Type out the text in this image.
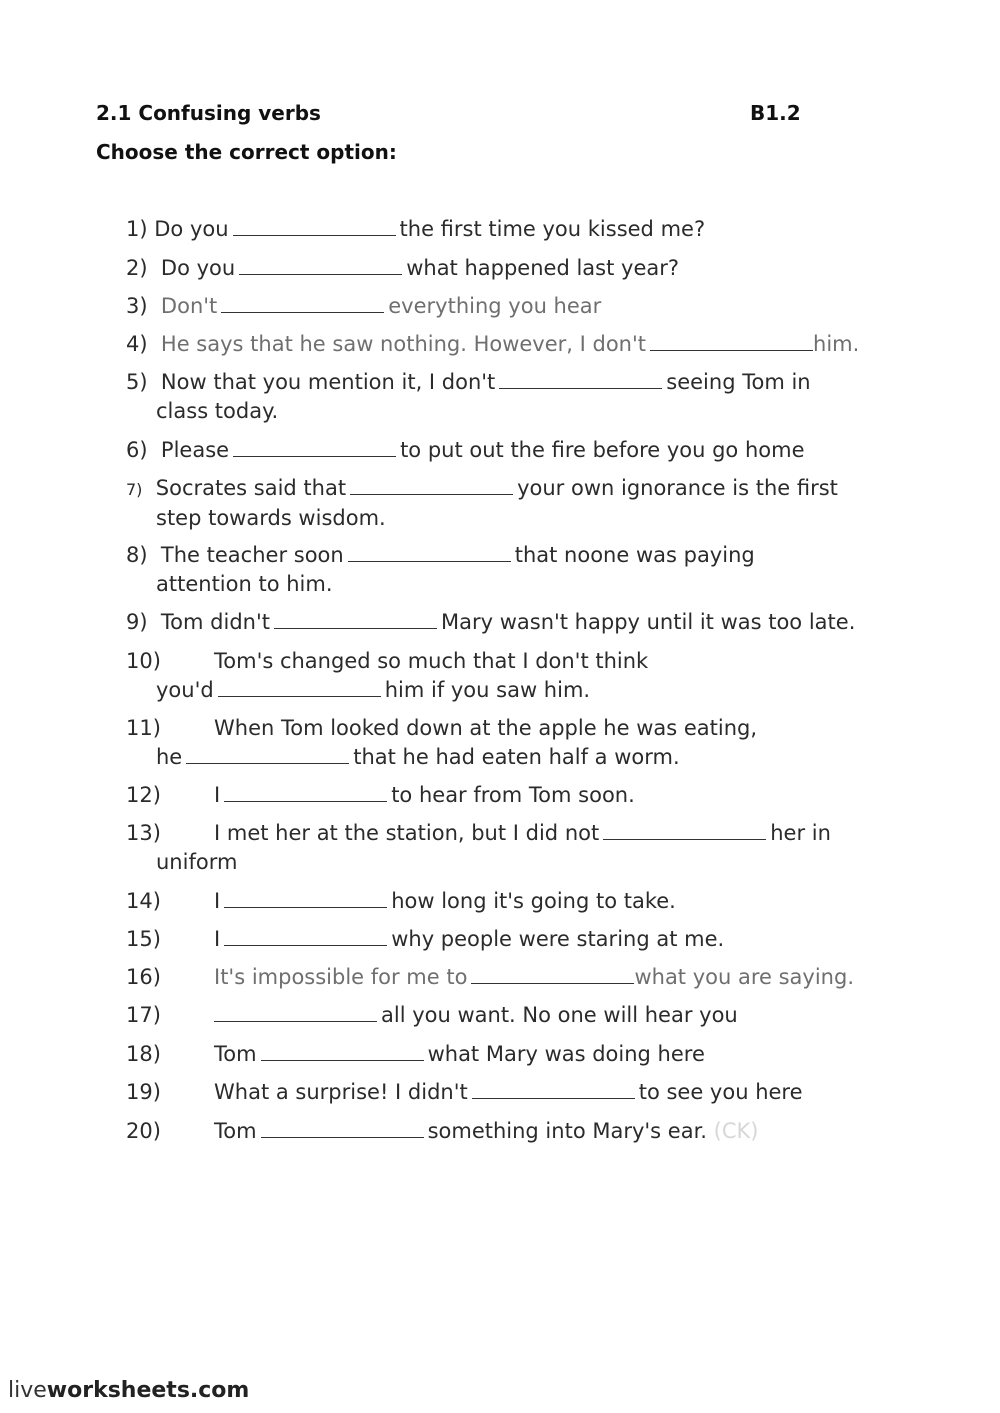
2.1 Confusing verbs	B1.2
Choose the correct option:
1) Do you	the first time you kissed me?
2) Do you	what happened last year?
3) Don't	everything you hear
4) He says that he saw nothing. However, I don't	him.
5) Now that you mention it, I don't	seeing Tom in
class today.
6) Please	to put out the fire before you go home
7) Socrates said that	your own ignorance is the first
step towards wisdom.
8) The teacher soon	that noone was paying
attention to him.
9) Tom didn't	Mary wasn't happy until it was too late.
10)	Tom's changed so much that I don't think
you'd	him if you saw him.
11)	When Tom looked down at the apple he was eating,
he	that he had eaten half a worm.
12)	I	to hear from Tom soon.
13)	I met her at the station, but I did not	her in
uniform
14)	I	how long it's going to take.
15)	I	why people were staring at me.
16)	It's impossible for me to	what you are saying.
17)	all you want. No one will hear you
18)	Tom	what Mary was doing here
19)	What a surprise! I didn't	to see you here
20)	Tom	something into Mary's ear. (CK)
liveworksheets.com
